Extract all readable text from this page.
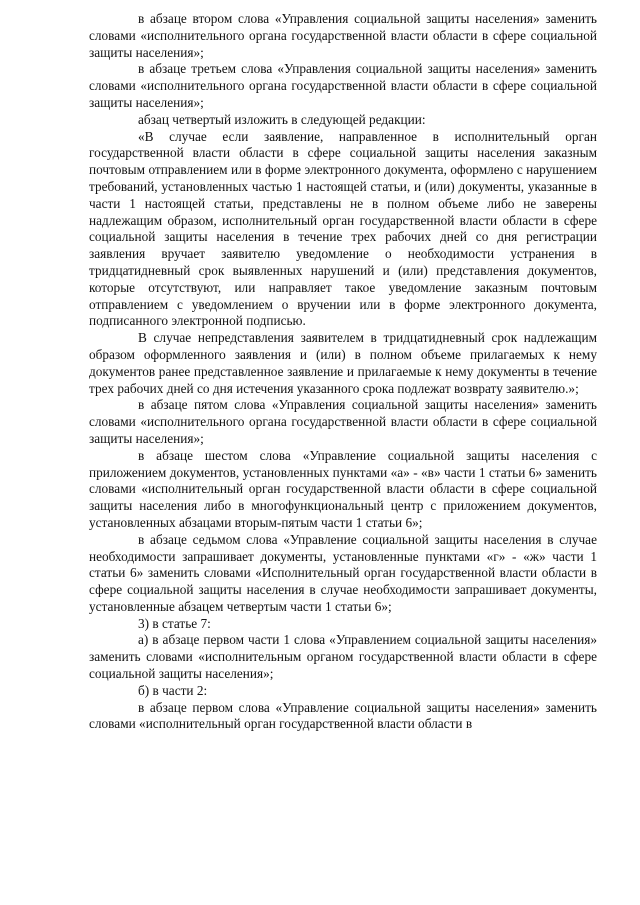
в абзаце втором слова «Управления социальной защиты населения» заменить словами «исполнительного органа государственной власти области в сфере социальной защиты населения»;

в абзаце третьем слова «Управления социальной защиты населения» заменить словами «исполнительного органа государственной власти области в сфере социальной защиты населения»;

абзац четвертый изложить в следующей редакции:

«В случае если заявление, направленное в исполнительный орган государственной власти области в сфере социальной защиты населения заказным почтовым отправлением или в форме электронного документа, оформлено с нарушением требований, установленных частью 1 настоящей статьи, и (или) документы, указанные в части 1 настоящей статьи, представлены не в полном объеме либо не заверены надлежащим образом, исполнительный орган государственной власти области в сфере социальной защиты населения в течение трех рабочих дней со дня регистрации заявления вручает заявителю уведомление о необходимости устранения в тридцатидневный срок выявленных нарушений и (или) представления документов, которые отсутствуют, или направляет такое уведомление заказным почтовым отправлением с уведомлением о вручении или в форме электронного документа, подписанного электронной подписью.

В случае непредставления заявителем в тридцатидневный срок надлежащим образом оформленного заявления и (или) в полном объеме прилагаемых к нему документов ранее представленное заявление и прилагаемые к нему документы в течение трех рабочих дней со дня истечения указанного срока подлежат возврату заявителю.»;

в абзаце пятом слова «Управления социальной защиты населения» заменить словами «исполнительного органа государственной власти области в сфере социальной защиты населения»;

в абзаце шестом слова «Управление социальной защиты населения с приложением документов, установленных пунктами «а» - «в» части 1 статьи 6» заменить словами «исполнительный орган государственной власти области в сфере социальной защиты населения либо в многофункциональный центр с приложением документов, установленных абзацами вторым-пятым части 1 статьи 6»;

в абзаце седьмом слова «Управление социальной защиты населения в случае необходимости запрашивает документы, установленные пунктами «г» - «ж» части 1 статьи 6» заменить словами «Исполнительный орган государственной власти области в сфере социальной защиты населения в случае необходимости запрашивает документы, установленные абзацем четвертым части 1 статьи 6»;

3) в статье 7:

а) в абзаце первом части 1 слова «Управлением социальной защиты населения» заменить словами «исполнительным органом государственной власти области в сфере социальной защиты населения»;

б) в части 2:

в абзаце первом слова «Управление социальной защиты населения» заменить словами «исполнительный орган государственной власти области в
